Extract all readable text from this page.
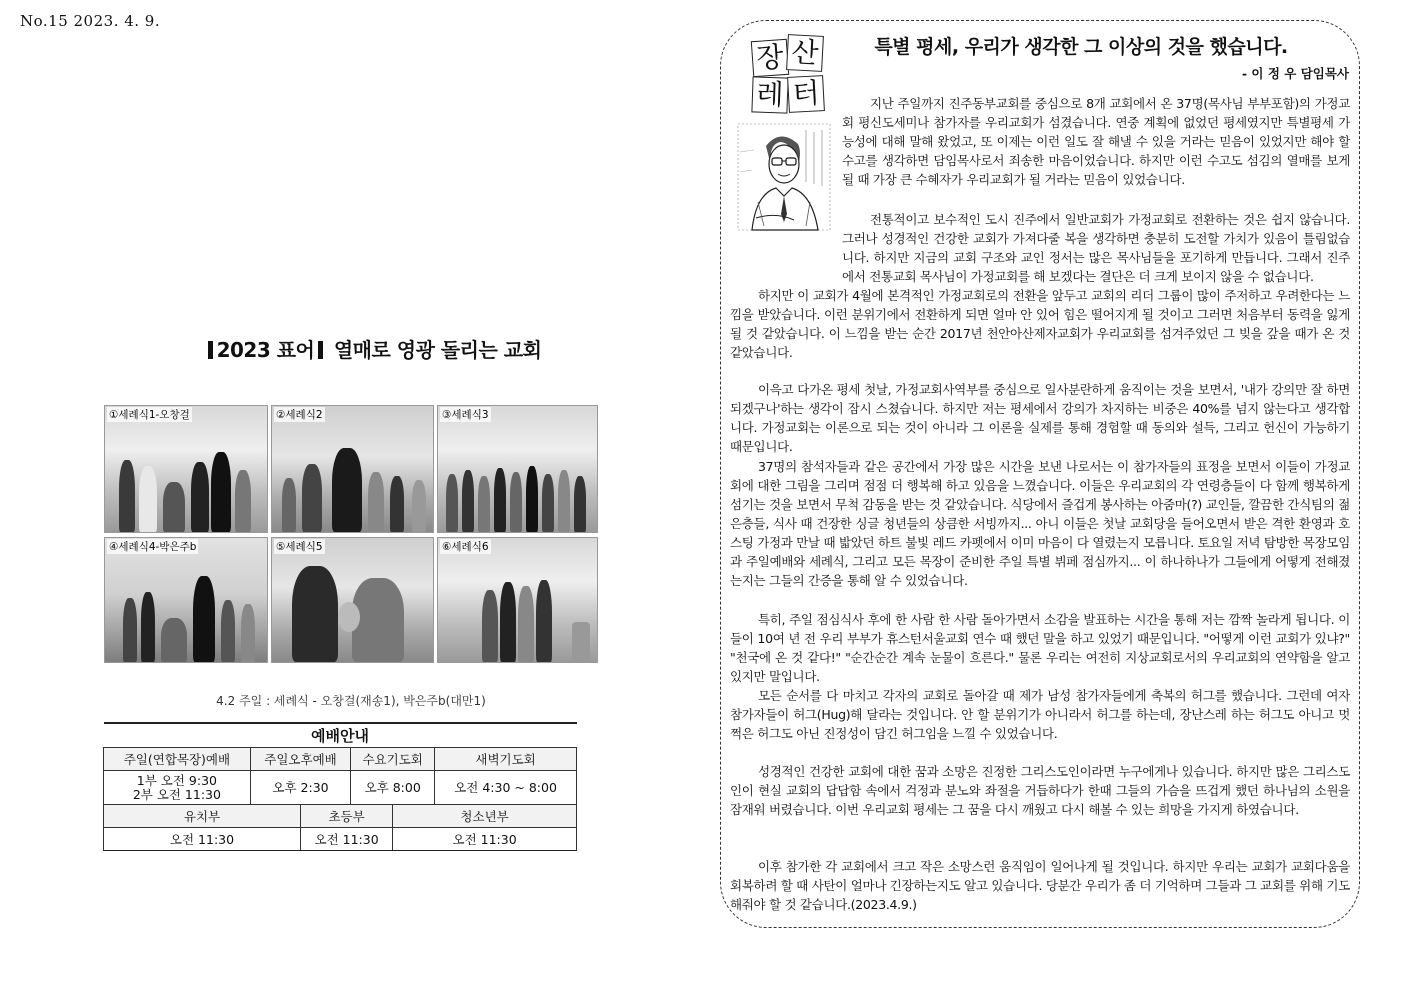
No.15 2023. 4. 9.
2023 표어 열매로 영광 돌리는 교회
①세례식1-오창걸	②세례식2	③세례식3
④세례식4-박은주b	⑤세례식5	⑥세례식6
4.2 주일 : 세례식 - 오창걸(재송1), 박은주b(대만1)
예배안내					
주일(연합목장)예배	주일오후예배		수요기도회		새벽기도회

1부 오전 9:30
2부 오전 11:30	오후 2:30		오후 8:00		오전 4:30 ~ 8:00
유치부		초등부		청소년부	
오전 11:30		오전 11:30		오전 11:30	
장 산
레 터
특별 평세, 우리가 생각한 그 이상의 것을 했습니다.
- 이 정 우 담임목사

지난 주일까지 진주동부교회를 중심으로 8개 교회에서 온 37명(목사님 부부포함)의 가정교회 평신도세미나 참가자를 우리교회가 섬겼습니다. 연중 계획에 없었던 평세였지만 특별평세 가능성에 대해 말해 왔었고, 또 이제는 이런 일도 잘 해낼 수 있을 거라는 믿음이 있었지만 해야 할 수고를 생각하면 담임목사로서 죄송한 마음이었습니다. 하지만 이런 수고도 섬김의 열매를 보게 될 때 가장 큰 수혜자가 우리교회가 될 거라는 믿음이 있었습니다.

전통적이고 보수적인 도시 진주에서 일반교회가 가정교회로 전환하는 것은 쉽지 않습니다. 그러나 성경적인 건강한 교회가 가져다줄 복을 생각하면 충분히 도전할 가치가 있음이 틀림없습니다. 하지만 지금의 교회 구조와 교인 정서는 많은 목사님들을 포기하게 만듭니다. 그래서 진주에서 전통교회 목사님이 가정교회를 해 보겠다는 결단은 더 크게 보이지 않을 수 없습니다.

하지만 이 교회가 4월에 본격적인 가정교회로의 전환을 앞두고 교회의 리더 그룹이 많이 주저하고 우려한다는 느낌을 받았습니다. 이런 분위기에서 전환하게 되면 얼마 안 있어 힘은 떨어지게 될 것이고 그러면 처음부터 동력을 잃게 될 것 같았습니다. 이 느낌을 받는 순간 2017년 천안아산제자교회가 우리교회를 섬겨주었던 그 빚을 갚을 때가 온 것 같았습니다.

이윽고 다가온 평세 첫날, 가정교회사역부를 중심으로 일사분란하게 움직이는 것을 보면서, '내가 강의만 잘 하면 되겠구나'하는 생각이 잠시 스쳤습니다. 하지만 저는 평세에서 강의가 차지하는 비중은 40%를 넘지 않는다고 생각합니다. 가정교회는 이론으로 되는 것이 아니라 그 이론을 실제를 통해 경험할 때 동의와 설득, 그리고 헌신이 가능하기 때문입니다.

37명의 참석자들과 같은 공간에서 가장 많은 시간을 보낸 나로서는 이 참가자들의 표정을 보면서 이들이 가정교회에 대한 그림을 그리며 점점 더 행복해 하고 있음을 느꼈습니다. 이들은 우리교회의 각 연령층들이 다 함께 행복하게 섬기는 것을 보면서 무척 감동을 받는 것 같았습니다. 식당에서 즐겁게 봉사하는 아줌마(?) 교인들, 깔끔한 간식팀의 젊은층들, 식사 때 건장한 싱글 청년들의 상큼한 서빙까지... 아니 이들은 첫날 교회당을 들어오면서 받은 격한 환영과 호스팅 가정과 만날 때 밟았던 하트 불빛 레드 카펫에서 이미 마음이 다 열렸는지 모릅니다. 토요일 저녁 탐방한 목장모임과 주일예배와 세례식, 그리고 모든 목장이 준비한 주일 특별 뷔페 점심까지... 이 하나하나가 그들에게 어떻게 전해졌는지는 그들의 간증을 통해 알 수 있었습니다.

특히, 주일 점심식사 후에 한 사람 한 사람 돌아가면서 소감을 발표하는 시간을 통해 저는 깜짝 놀라게 됩니다. 이들이 10여 년 전 우리 부부가 휴스턴서울교회 연수 때 했던 말을 하고 있었기 때문입니다. "어떻게 이런 교회가 있냐?" "천국에 온 것 같다!" "순간순간 계속 눈물이 흐른다." 물론 우리는 여전히 지상교회로서의 우리교회의 연약함을 알고 있지만 말입니다.

모든 순서를 다 마치고 각자의 교회로 돌아갈 때 제가 남성 참가자들에게 축복의 허그를 했습니다. 그런데 여자 참가자들이 허그(Hug)해 달라는 것입니다. 안 할 분위기가 아니라서 허그를 하는데, 장난스레 하는 허그도 아니고 멋쩍은 허그도 아닌 진정성이 담긴 허그임을 느낄 수 있었습니다.

성경적인 건강한 교회에 대한 꿈과 소망은 진정한 그리스도인이라면 누구에게나 있습니다. 하지만 많은 그리스도인이 현실 교회의 답답함 속에서 걱정과 분노와 좌절을 거듭하다가 한때 그들의 가슴을 뜨겁게 했던 하나님의 소원을 잠재워 버렸습니다. 이번 우리교회 평세는 그 꿈을 다시 깨웠고 다시 해볼 수 있는 희망을 가지게 하였습니다.

이후 참가한 각 교회에서 크고 작은 소망스런 움직임이 일어나게 될 것입니다. 하지만 우리는 교회가 교회다움을 회복하려 할 때 사탄이 얼마나 긴장하는지도 알고 있습니다. 당분간 우리가 좀 더 기억하며 그들과 그 교회를 위해 기도해줘야 할 것 같습니다.(2023.4.9.)
